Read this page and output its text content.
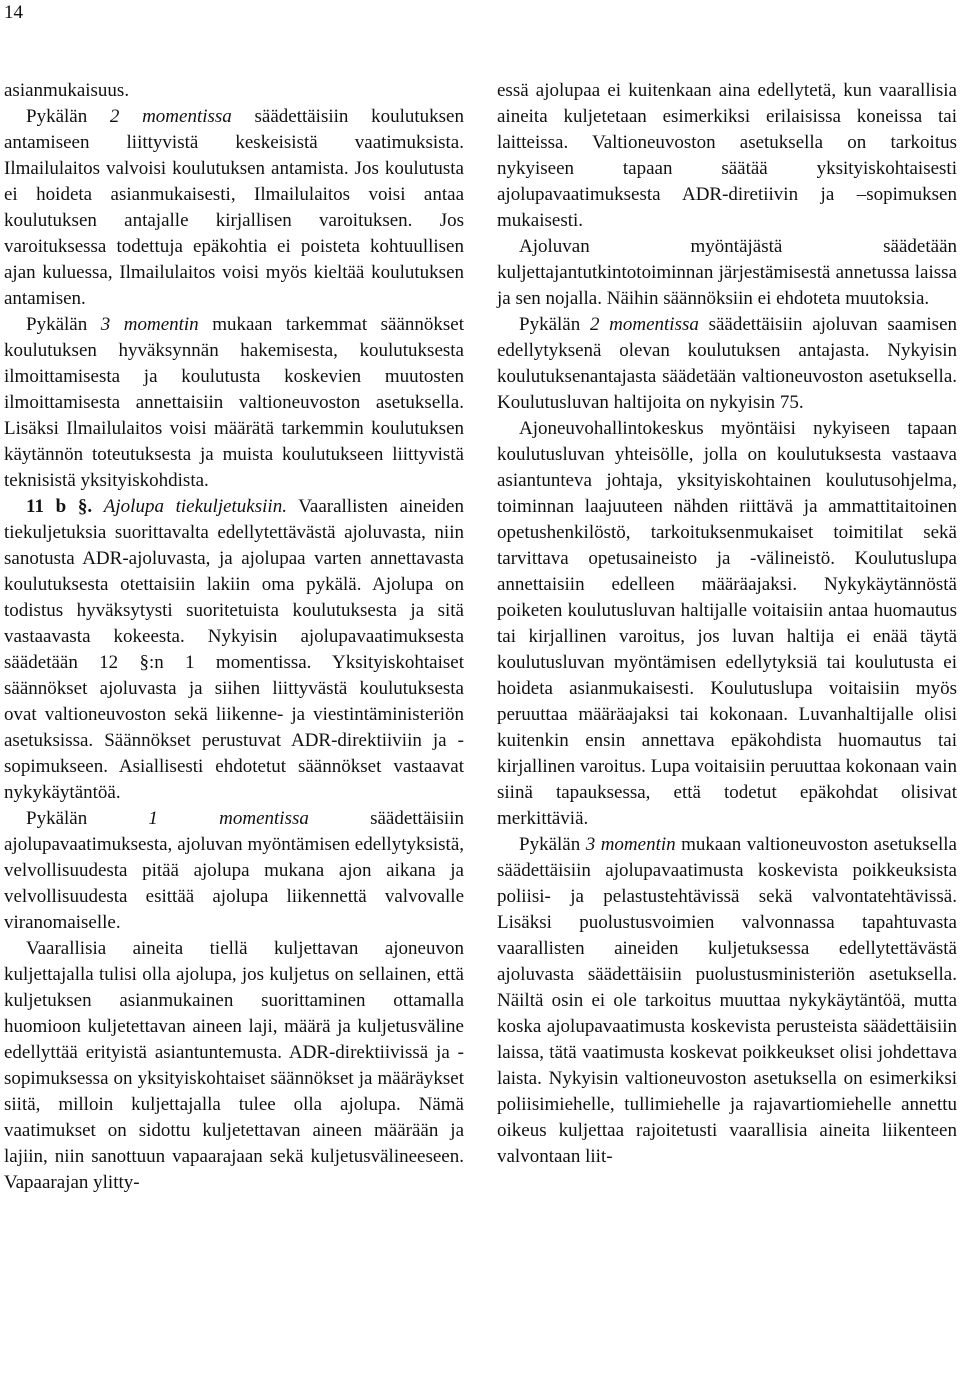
14

asianmukaisuus.

Pykälän 2 momentissa säädettäisiin koulutuksen antamiseen liittyvistä keskeisistä vaatimuksista. Ilmailulaitos valvoisi koulutuksen antamista. Jos koulutusta ei hoideta asianmukaisesti, Ilmailulaitos voisi antaa koulutuksen antajalle kirjallisen varoituksen. Jos varoituksessa todettuja epäkohtia ei poisteta kohtuullisen ajan kuluessa, Ilmailulaitos voisi myös kieltää koulutuksen antamisen.

Pykälän 3 momentin mukaan tarkemmat säännökset koulutuksen hyväksynnän hakemisesta, koulutuksesta ilmoittamisesta ja koulutusta koskevien muutosten ilmoittamisesta annettaisiin valtioneuvoston asetuksella. Lisäksi Ilmailulaitos voisi määrätä tarkemmin koulutuksen käytännön toteutuksesta ja muista koulutukseen liittyvistä teknisistä yksityiskohdista.

11 b §. Ajolupa tiekuljetuksiin. Vaarallisten aineiden tiekuljetuksia suorittavalta edellytettävästä ajoluvasta, niin sanotusta ADR-ajoluvasta, ja ajolupaa varten annettavasta koulutuksesta otettaisiin lakiin oma pykälä. Ajolupa on todistus hyväksytysti suoritetuista koulutuksesta ja sitä vastaavasta kokeesta. Nykyisin ajolupavaatimuksesta säädetään 12 §:n 1 momentissa. Yksityiskohtaiset säännökset ajoluvasta ja siihen liittyvästä koulutuksesta ovat valtioneuvoston sekä liikenne- ja viestintäministeriön asetuksissa. Säännökset perustuvat ADR-direktiiviin ja -sopimukseen. Asiallisesti ehdotetut säännökset vastaavat nykykäytäntöä.

Pykälän 1 momentissa säädettäisiin ajolupavaatimuksesta, ajoluvan myöntämisen edellytyksistä, velvollisuudesta pitää ajolupa mukana ajon aikana ja velvollisuudesta esittää ajolupa liikennettä valvovalle viranomaiselle.

Vaarallisia aineita tiellä kuljettavan ajoneuvon kuljettajalla tulisi olla ajolupa, jos kuljetus on sellainen, että kuljetuksen asianmukainen suorittaminen ottamalla huomioon kuljetettavan aineen laji, määrä ja kuljetusväline edellyttää erityistä asiantuntemusta. ADR-direktiivissä ja -sopimuksessa on yksityiskohtaiset säännökset ja määräykset siitä, milloin kuljettajalla tulee olla ajolupa. Nämä vaatimukset on sidottu kuljetettavan aineen määrään ja lajiin, niin sanottuun vapaarajaan sekä kuljetusvälineeseen. Vapaarajan ylitty-

essä ajolupaa ei kuitenkaan aina edellytetä, kun vaarallisia aineita kuljetetaan esimerkiksi erilaisissa koneissa tai laitteissa. Valtioneuvoston asetuksella on tarkoitus nykyiseen tapaan säätää yksityiskohtaisesti ajolupavaatimuksesta ADR-diretiivin ja –sopimuksen mukaisesti.

Ajoluvan myöntäjästä säädetään kuljettajantutkintotoiminnan järjestämisestä annetussa laissa ja sen nojalla. Näihin säännöksiin ei ehdoteta muutoksia.

Pykälän 2 momentissa säädettäisiin ajoluvan saamisen edellytyksenä olevan koulutuksen antajasta. Nykyisin koulutuksenantajasta säädetään valtioneuvoston asetuksella. Koulutusluvan haltijoita on nykyisin 75.

Ajoneuvohallintokeskus myöntäisi nykyiseen tapaan koulutusluvan yhteisölle, jolla on koulutuksesta vastaava asiantunteva johtaja, yksityiskohtainen koulutusohjelma, toiminnan laajuuteen nähden riittävä ja ammattitaitoinen opetushenkilöstö, tarkoituksenmukaiset toimitilat sekä tarvittava opetusaineisto ja -välineistö. Koulutuslupa annettaisiin edelleen määräajaksi. Nykykäytännöstä poiketen koulutusluvan haltijalle voitaisiin antaa huomautus tai kirjallinen varoitus, jos luvan haltija ei enää täytä koulutusluvan myöntämisen edellytyksiä tai koulutusta ei hoideta asianmukaisesti. Koulutuslupa voitaisiin myös peruuttaa määräajaksi tai kokonaan. Luvanhaltijalle olisi kuitenkin ensin annettava epäkohdista huomautus tai kirjallinen varoitus. Lupa voitaisiin peruuttaa kokonaan vain siinä tapauksessa, että todetut epäkohdat olisivat merkittäviä.

Pykälän 3 momentin mukaan valtioneuvoston asetuksella säädettäisiin ajolupavaatimusta koskevista poikkeuksista poliisi- ja pelastustehtävissä sekä valvontatehtävissä. Lisäksi puolustusvoimien valvonnassa tapahtuvasta vaarallisten aineiden kuljetuksessa edellytettävästä ajoluvasta säädettäisiin puolustusministeriön asetuksella. Näiltä osin ei ole tarkoitus muuttaa nykykäytäntöä, mutta koska ajolupavaatimusta koskevista perusteista säädettäisiin laissa, tätä vaatimusta koskevat poikkeukset olisi johdettava laista. Nykyisin valtioneuvoston asetuksella on esimerkiksi poliisimiehelle, tullimiehelle ja rajavartiomiehelle annettu oikeus kuljettaa rajoitetusti vaarallisia aineita liikenteen valvontaan liit-
